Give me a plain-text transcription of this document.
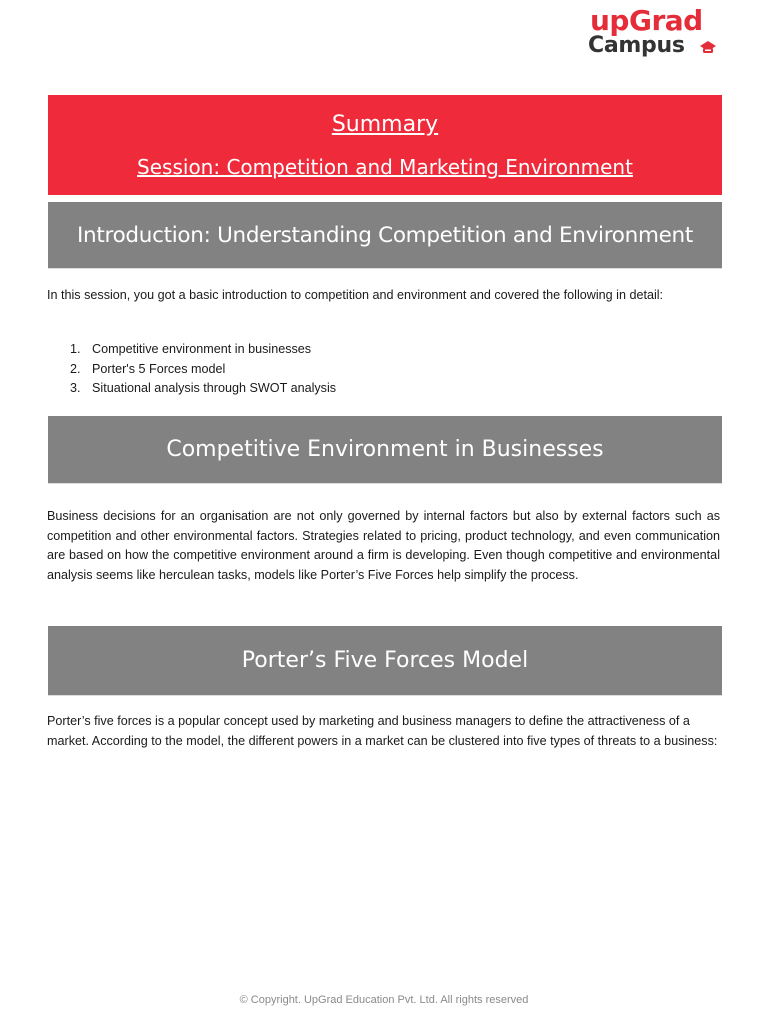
upGrad
Campus
Summary
Session: Competition and Marketing Environment
Introduction: Understanding Competition and Environment

In this session, you got a basic introduction to competition and environment and covered the following in detail:

1. Competitive environment in businesses
2. Porter's 5 Forces model
3. Situational analysis through SWOT analysis
Competitive Environment in Businesses

Business decisions for an organisation are not only governed by internal factors but also by external factors such as competition and other environmental factors. Strategies related to pricing, product technology, and even communication are based on how the competitive environment around a firm is developing. Even though competitive and environmental analysis seems like herculean tasks, models like Porter’s Five Forces help simplify the process.

Porter’s Five Forces Model

Porter’s five forces is a popular concept used by marketing and business managers to define the attractiveness of a market. According to the model, the different powers in a market can be clustered into five types of threats to a business:

© Copyright. UpGrad Education Pvt. Ltd. All rights reserved
